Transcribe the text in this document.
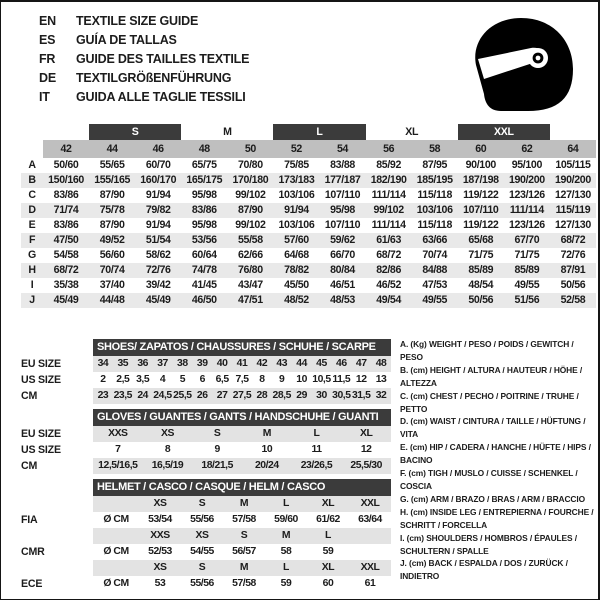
EN	TEXTILE SIZE GUIDE
ES	GUÍA DE TALLAS
FR	GUIDE DES TAILLES TEXTILE
DE	TEXTILGRÖßENFÜHRUNG
IT	GUIDA ALLE TAGLIE TESSILI
S	M	L	XL	XXL
42	44	46	48	50	52	54	56	58	60	62	64
A	50/60	55/65	60/70	65/75	70/80	75/85	83/88	85/92	87/95	90/100	95/100	105/115
B	150/160 155/165 160/170 165/175 170/180 173/183 177/187 182/190 185/195 187/198 190/200 190/200
C	83/86	87/90	91/94	95/98	99/102	103/106 107/110	111/114	115/118	119/122 123/126 127/130
D	71/74	75/78	79/82	83/86	87/90	91/94	95/98	99/102	103/106 107/110	111/114	115/119
E	83/86	87/90	91/94	95/98	99/102	103/106 107/110	111/114	115/118	119/122 123/126 127/130
F	47/50	49/52	51/54	53/56	55/58	57/60	59/62	61/63	63/66	65/68	67/70	68/72
G	54/58	56/60	58/62	60/64	62/66	64/68	66/70	68/72	70/74	71/75	71/75	72/76
H	68/72	70/74	72/76	74/78	76/80	78/82	80/84	82/86	84/88	85/89	85/89	87/91
I	35/38	37/40	39/42	41/45	43/47	45/50	46/51	46/52	47/53	48/54	49/55	50/56
J	45/49	44/48	45/49	46/50	47/51	48/52	48/53	49/54	49/55	50/56	51/56	52/58
SHOES/ ZAPATOS / CHAUSSURES / SCHUHE / SCARPE
EU SIZE	34 35 36 37 38 39 40 41 42 43 44 45 46 47 48
US SIZE	2	2,5 3,5	4	5	6	6,5 7,5	8	9	10 10,5 11,5 12 13
CM	23 23,5 24 24,5 25,5 26 27 27,5 28 28,5 29 30 30,5 31,5 32
GLOVES / GUANTES / GANTS / HANDSCHUHE / GUANTI
EU SIZE	XXS	XS	S	M	L	XL
US SIZE	7	8	9	10	11	12
CM	12,5/16,5	16,5/19	18/21,5	20/24	23/26,5	25,5/30
HELMET / CASCO / CASQUE / HELM / CASCO
XS	S	M	L	XL	XXL
FIA	Ø CM	53/54	55/56	57/58	59/60	61/62	63/64
XXS	XS	S	M	L
CMR	Ø CM	52/53	54/55	56/57	58	59
XS	S	M	L	XL	XXL
ECE	Ø CM	53	55/56	57/58	59	60	61
A. (Kg) WEIGHT / PESO / POIDS / GEWITCH / PESO
B. (cm) HEIGHT / ALTURA / HAUTEUR / HÖHE / ALTEZZA
C. (cm) CHEST / PECHO / POITRINE / TRUHE / PETTO
D. (cm) WAIST / CINTURA / TAILLE / HÜFTUNG / VITA
E. (cm) HIP / CADERA / HANCHE / HÜFTE / HIPS / BACINO
F. (cm) TIGH / MUSLO / CUISSE / SCHENKEL / COSCIA
G. (cm) ARM / BRAZO / BRAS / ARM / BRACCIO
H. (cm) INSIDE LEG / ENTREPIERNA / FOURCHE / SCHRITT / FORCELLA
I. (cm) SHOULDERS / HOMBROS / ÉPAULES / SCHULTERN / SPALLE
J. (cm) BACK / ESPALDA / DOS / ZURÜCK / INDIETRO
